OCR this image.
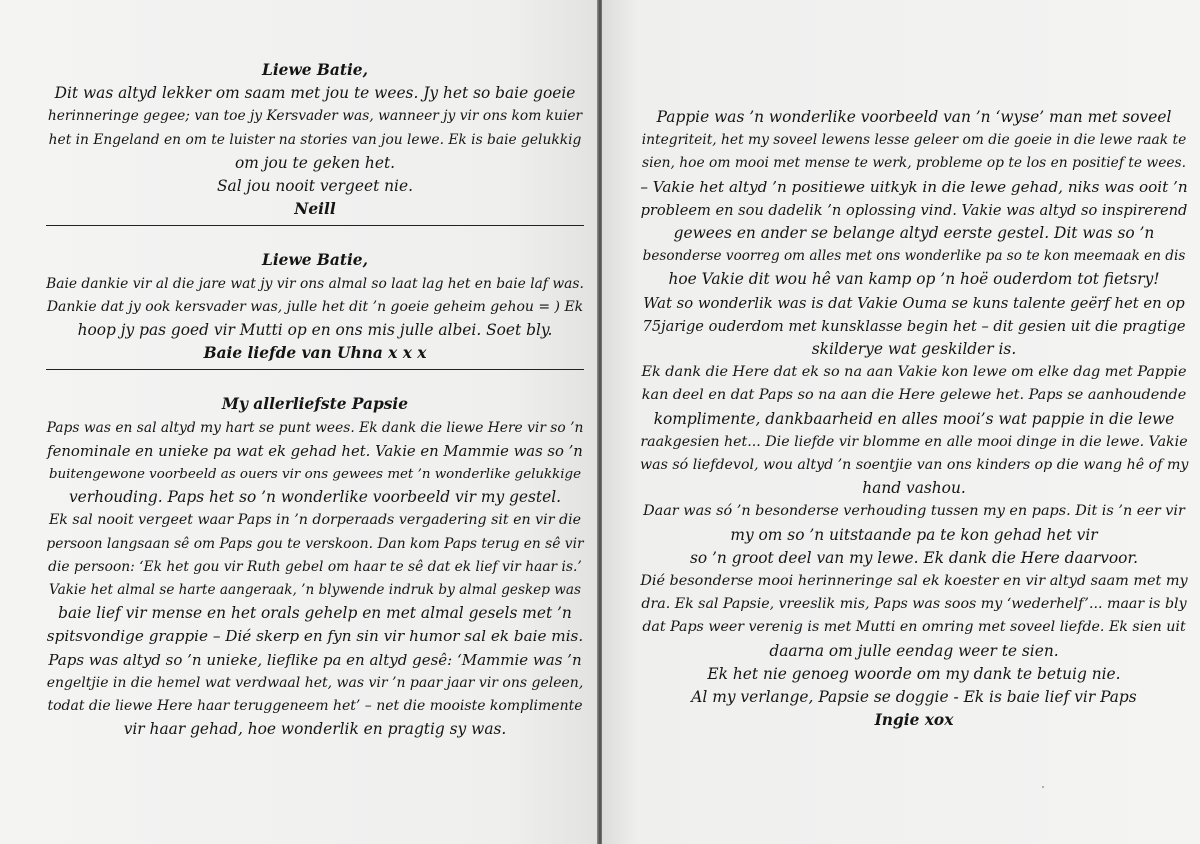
Liewe Batie,
Dit was altyd lekker om saam met jou te wees. Jy het so baie goeie
herinneringe gegee; van toe jy Kersvader was, wanneer jy vir ons kom kuier
het in Engeland en om te luister na stories van jou lewe. Ek is baie gelukkig
om jou te geken het.
Sal jou nooit vergeet nie.
Neill
Liewe Batie,
Baie dankie vir al die jare wat jy vir ons almal so laat lag het en baie laf was.
Dankie dat jy ook kersvader was, julle het dit ’n goeie geheim gehou = ) Ek
hoop jy pas goed vir Mutti op en ons mis julle albei. Soet bly.
Baie liefde van Uhna x x x
My allerliefste Papsie
Paps was en sal altyd my hart se punt wees. Ek dank die liewe Here vir so ’n
fenominale en unieke pa wat ek gehad het. Vakie en Mammie was so ’n
buitengewone voorbeeld as ouers vir ons gewees met ’n wonderlike gelukkige
verhouding. Paps het so ’n wonderlike voorbeeld vir my gestel.
Ek sal nooit vergeet waar Paps in ’n dorperaads vergadering sit en vir die
persoon langsaan sê om Paps gou te verskoon. Dan kom Paps terug en sê vir
die persoon: ‘Ek het gou vir Ruth gebel om haar te sê dat ek lief vir haar is.’
Vakie het almal se harte aangeraak, ’n blywende indruk by almal geskep was
baie lief vir mense en het orals gehelp en met almal gesels met ’n
spitsvondige grappie – Dié skerp en fyn sin vir humor sal ek baie mis.
Paps was altyd so ’n unieke, lieflike pa en altyd gesê: ‘Mammie was ’n
engeltjie in die hemel wat verdwaal het, was vir ’n paar jaar vir ons geleen,
todat die liewe Here haar teruggeneem het’ – net die mooiste komplimente
vir haar gehad, hoe wonderlik en pragtig sy was.
Pappie was ’n wonderlike voorbeeld van ’n ‘wyse’ man met soveel
integriteit, het my soveel lewens lesse geleer om die goeie in die lewe raak te
sien, hoe om mooi met mense te werk, probleme op te los en positief te wees.
– Vakie het altyd ’n positiewe uitkyk in die lewe gehad, niks was ooit ’n
probleem en sou dadelik ’n oplossing vind. Vakie was altyd so inspirerend
gewees en ander se belange altyd eerste gestel. Dit was so ’n
besonderse voorreg om alles met ons wonderlike pa so te kon meemaak en dis
hoe Vakie dit wou hê van kamp op ’n hoë ouderdom tot fietsry!
Wat so wonderlik was is dat Vakie Ouma se kuns talente geërf het en op
75jarige ouderdom met kunsklasse begin het – dit gesien uit die pragtige
skilderye wat geskilder is.
Ek dank die Here dat ek so na aan Vakie kon lewe om elke dag met Pappie
kan deel en dat Paps so na aan die Here gelewe het. Paps se aanhoudende
komplimente, dankbaarheid en alles mooi’s wat pappie in die lewe
raakgesien het... Die liefde vir blomme en alle mooi dinge in die lewe. Vakie
was só liefdevol, wou altyd ’n soentjie van ons kinders op die wang hê of my
hand vashou.
Daar was só ’n besonderse verhouding tussen my en paps. Dit is ’n eer vir
my om so ’n uitstaande pa te kon gehad het vir
so ’n groot deel van my lewe. Ek dank die Here daarvoor.
Dié besonderse mooi herinneringe sal ek koester en vir altyd saam met my
dra. Ek sal Papsie, vreeslik mis, Paps was soos my ‘wederhelf’... maar is bly
dat Paps weer verenig is met Mutti en omring met soveel liefde. Ek sien uit
daarna om julle eendag weer te sien.
Ek het nie genoeg woorde om my dank te betuig nie.
Al my verlange, Papsie se doggie - Ek is baie lief vir Paps
Ingie xox
